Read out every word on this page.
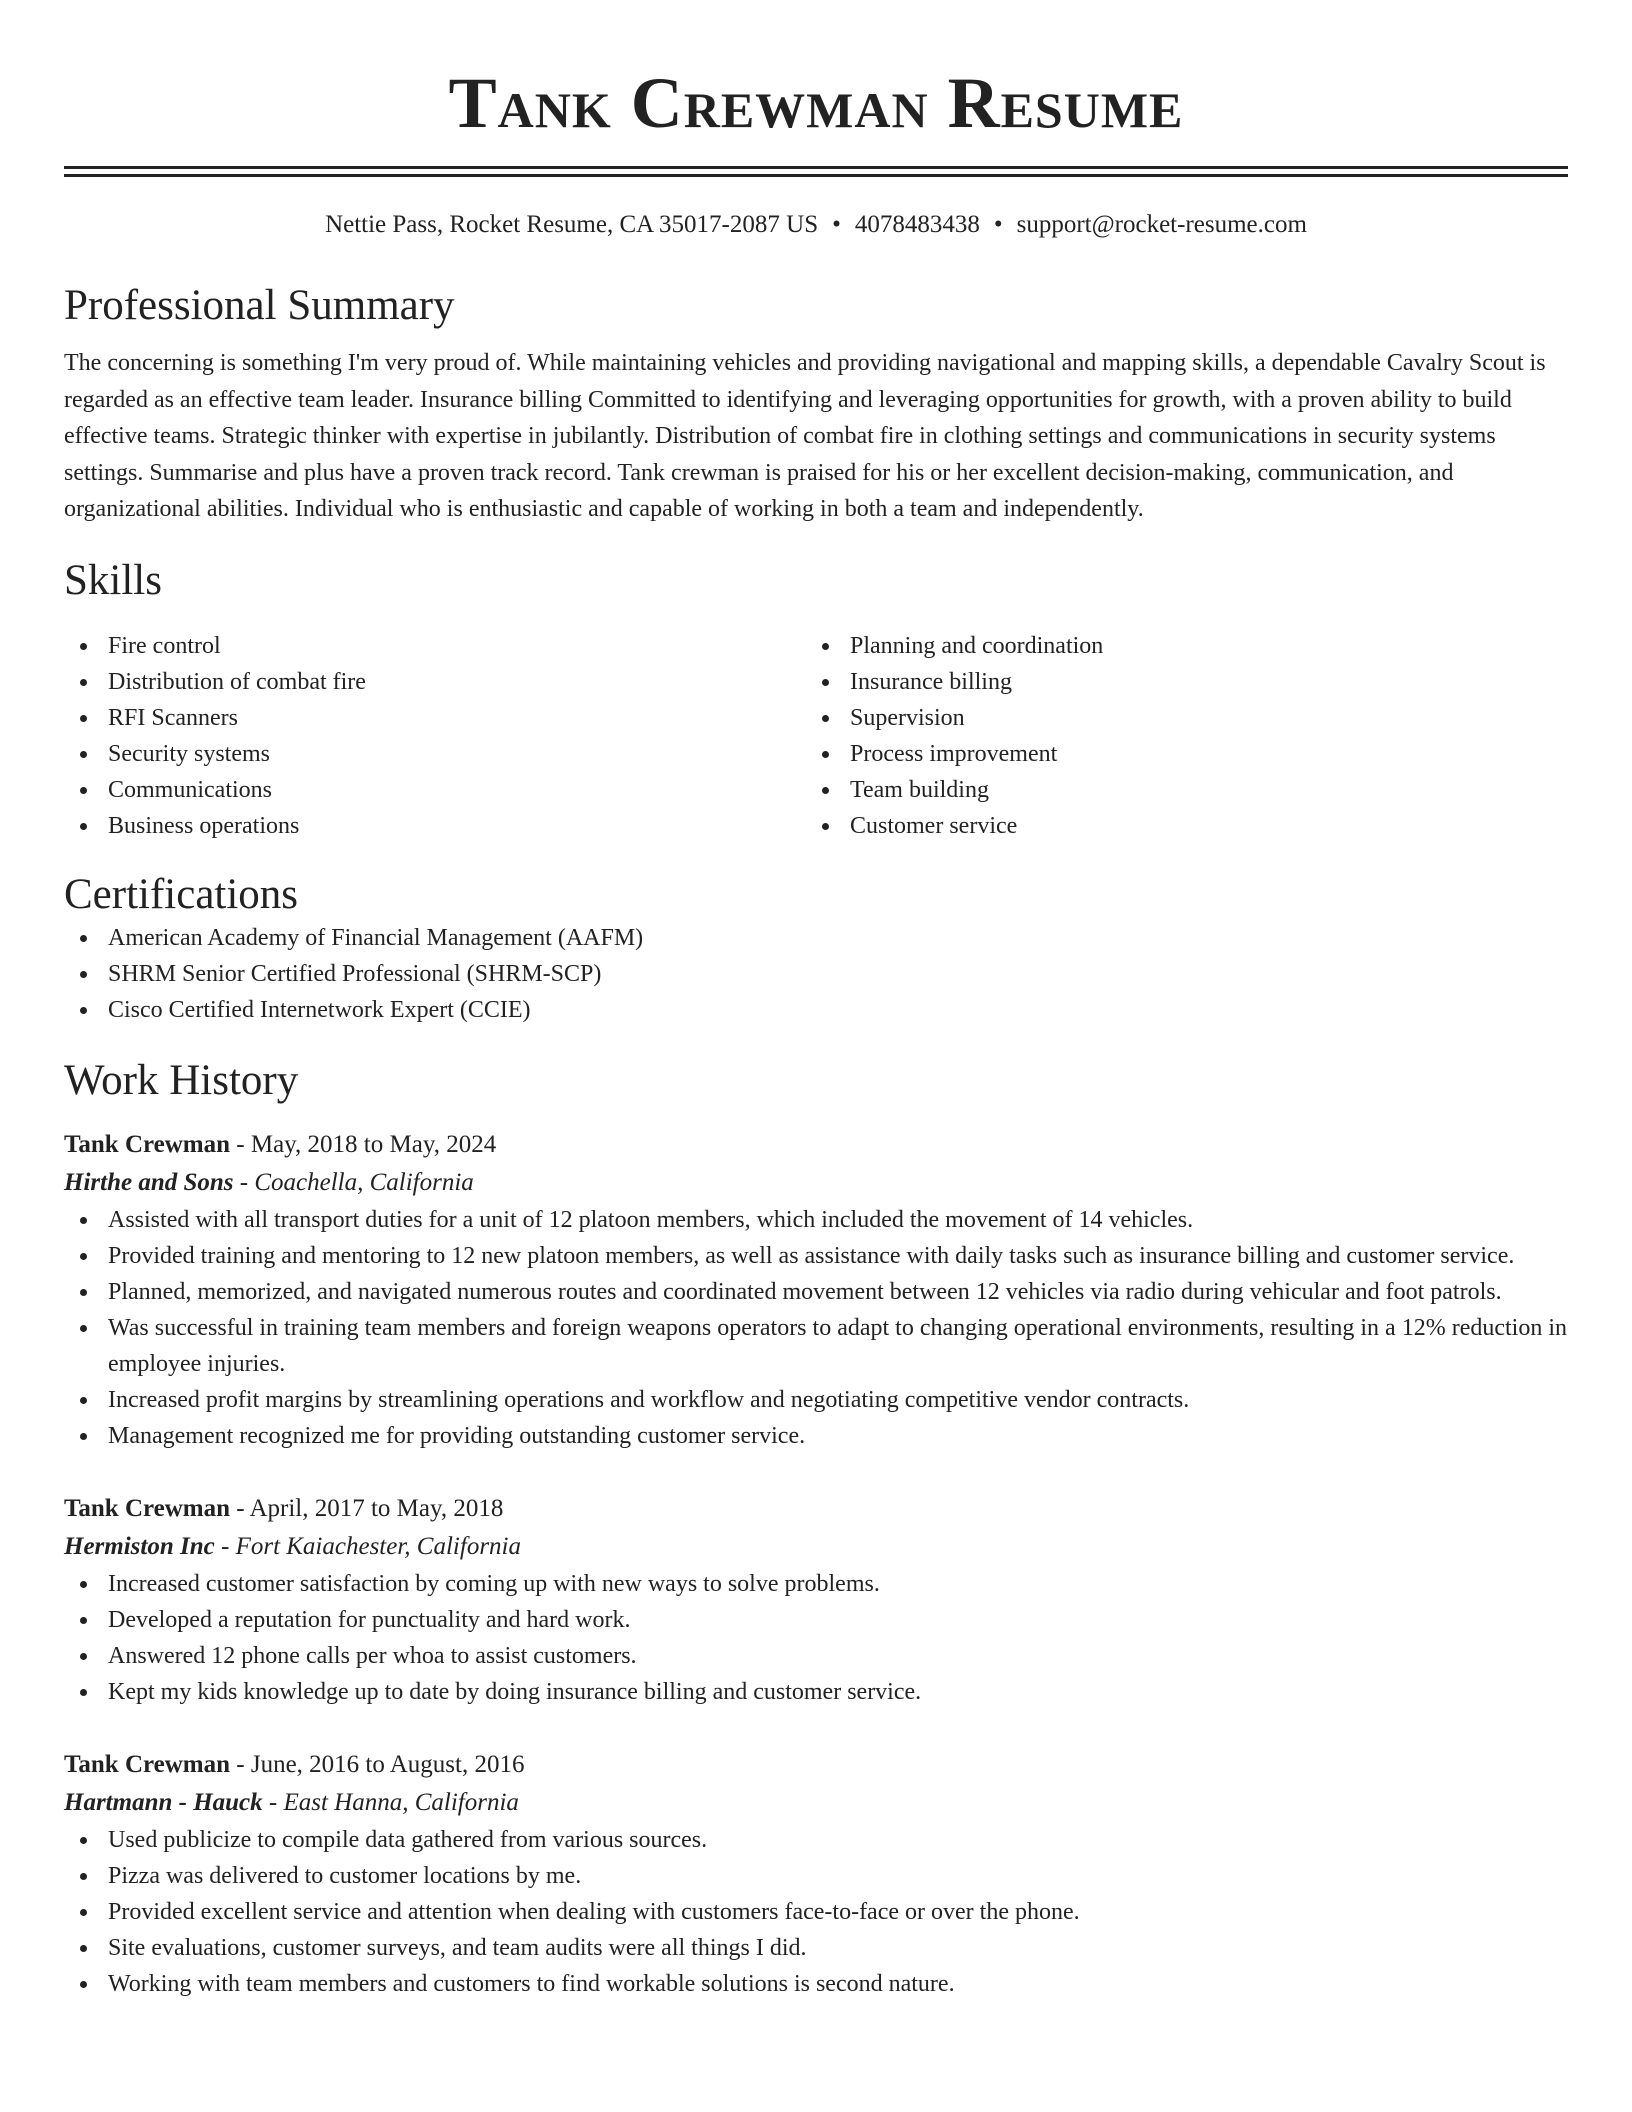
Tank Crewman Resume
Nettie Pass, Rocket Resume, CA 35017-2087 US • 4078483438 • support@rocket-resume.com
Professional Summary
The concerning is something I'm very proud of. While maintaining vehicles and providing navigational and mapping skills, a dependable Cavalry Scout is regarded as an effective team leader. Insurance billing Committed to identifying and leveraging opportunities for growth, with a proven ability to build effective teams. Strategic thinker with expertise in jubilantly. Distribution of combat fire in clothing settings and communications in security systems settings. Summarise and plus have a proven track record. Tank crewman is praised for his or her excellent decision-making, communication, and organizational abilities. Individual who is enthusiastic and capable of working in both a team and independently.
Skills
Fire control
Distribution of combat fire
RFI Scanners
Security systems
Communications
Business operations
Planning and coordination
Insurance billing
Supervision
Process improvement
Team building
Customer service
Certifications
American Academy of Financial Management (AAFM)
SHRM Senior Certified Professional (SHRM-SCP)
Cisco Certified Internetwork Expert (CCIE)
Work History
Tank Crewman - May, 2018 to May, 2024
Hirthe and Sons - Coachella, California
Assisted with all transport duties for a unit of 12 platoon members, which included the movement of 14 vehicles.
Provided training and mentoring to 12 new platoon members, as well as assistance with daily tasks such as insurance billing and customer service.
Planned, memorized, and navigated numerous routes and coordinated movement between 12 vehicles via radio during vehicular and foot patrols.
Was successful in training team members and foreign weapons operators to adapt to changing operational environments, resulting in a 12% reduction in employee injuries.
Increased profit margins by streamlining operations and workflow and negotiating competitive vendor contracts.
Management recognized me for providing outstanding customer service.
Tank Crewman - April, 2017 to May, 2018
Hermiston Inc - Fort Kaiachester, California
Increased customer satisfaction by coming up with new ways to solve problems.
Developed a reputation for punctuality and hard work.
Answered 12 phone calls per whoa to assist customers.
Kept my kids knowledge up to date by doing insurance billing and customer service.
Tank Crewman - June, 2016 to August, 2016
Hartmann - Hauck - East Hanna, California
Used publicize to compile data gathered from various sources.
Pizza was delivered to customer locations by me.
Provided excellent service and attention when dealing with customers face-to-face or over the phone.
Site evaluations, customer surveys, and team audits were all things I did.
Working with team members and customers to find workable solutions is second nature.
